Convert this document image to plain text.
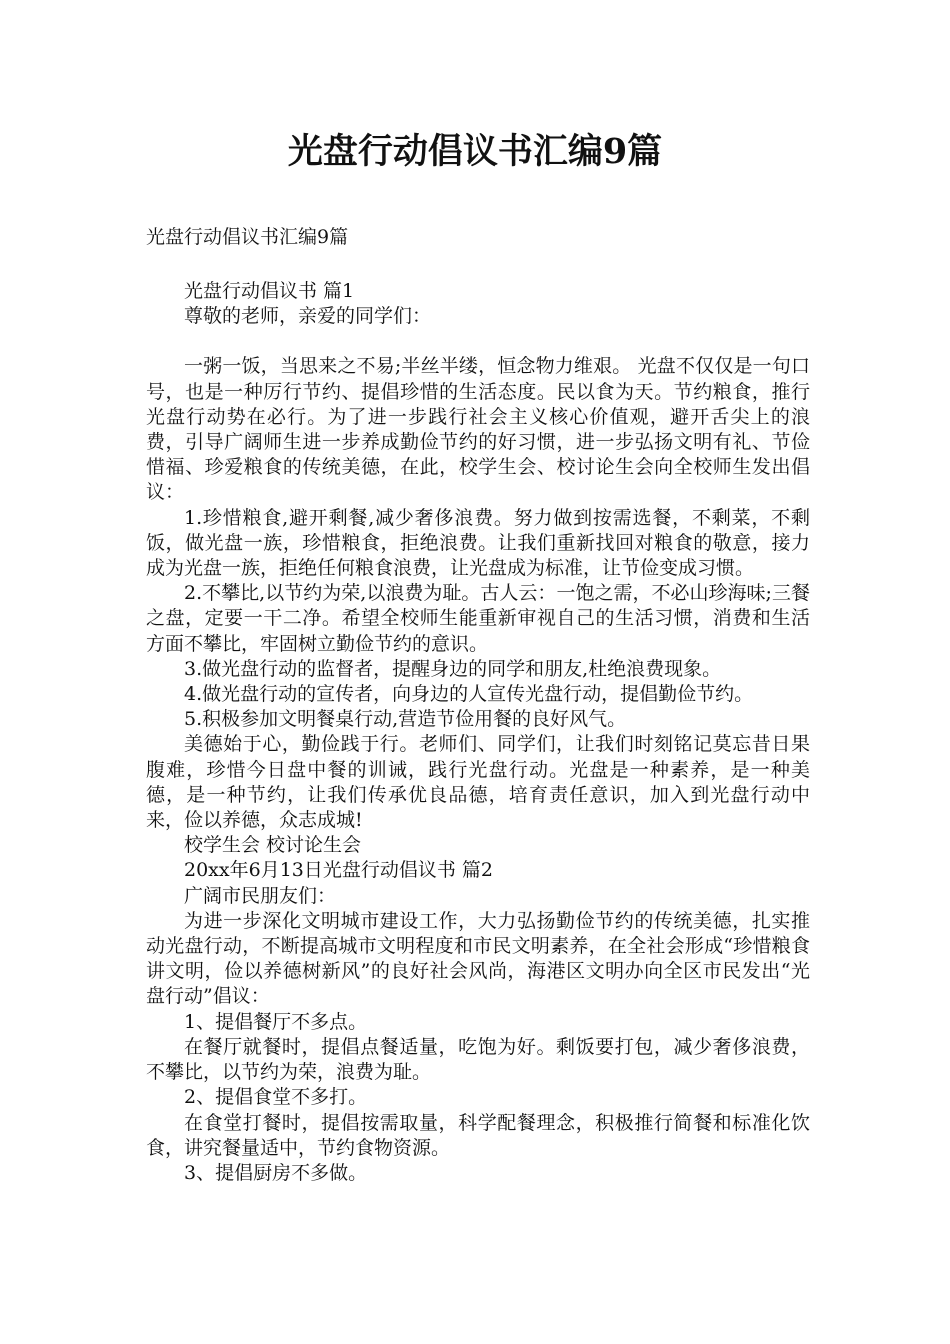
光盘行动倡议书汇编9篇

光盘行动倡议书汇编9篇

光盘行动倡议书 篇1

尊敬的老师，亲爱的同学们：

一粥一饭，当思来之不易;半丝半缕，恒念物力维艰。 光盘不仅仅是一句口号，也是一种厉行节约、提倡珍惜的生活态度。民以食为天。节约粮食，推行光盘行动势在必行。为了进一步践行社会主义核心价值观，避开舌尖上的浪费，引导广阔师生进一步养成勤俭节约的好习惯，进一步弘扬文明有礼、节俭惜福、珍爱粮食的传统美德，在此，校学生会、校讨论生会向全校师生发出倡议：

1.珍惜粮食,避开剩餐,减少奢侈浪费。努力做到按需选餐，不剩菜，不剩饭，做光盘一族，珍惜粮食，拒绝浪费。让我们重新找回对粮食的敬意，接力成为光盘一族，拒绝任何粮食浪费，让光盘成为标准，让节俭变成习惯。

2.不攀比,以节约为荣,以浪费为耻。古人云：一饱之需，不必山珍海味;三餐之盘，定要一干二净。希望全校师生能重新审视自己的生活习惯，消费和生活方面不攀比，牢固树立勤俭节约的意识。

3.做光盘行动的监督者，提醒身边的同学和朋友,杜绝浪费现象。

4.做光盘行动的宣传者，向身边的人宣传光盘行动，提倡勤俭节约。

5.积极参加文明餐桌行动,营造节俭用餐的良好风气。

美德始于心，勤俭践于行。老师们、同学们，让我们时刻铭记莫忘昔日果腹难，珍惜今日盘中餐的训诫，践行光盘行动。光盘是一种素养，是一种美德，是一种节约，让我们传承优良品德，培育责任意识，加入到光盘行动中来，俭以养德，众志成城!

校学生会 校讨论生会

20xx年6月13日光盘行动倡议书 篇2

广阔市民朋友们：

为进一步深化文明城市建设工作，大力弘扬勤俭节约的传统美德，扎实推动光盘行动，不断提高城市文明程度和市民文明素养，在全社会形成“珍惜粮食讲文明，俭以养德树新风”的良好社会风尚，海港区文明办向全区市民发出“光盘行动”倡议：

1、提倡餐厅不多点。

在餐厅就餐时，提倡点餐适量，吃饱为好。剩饭要打包，减少奢侈浪费，不攀比，以节约为荣，浪费为耻。

2、提倡食堂不多打。

在食堂打餐时，提倡按需取量，科学配餐理念，积极推行简餐和标准化饮食，讲究餐量适中，节约食物资源。

3、提倡厨房不多做。
